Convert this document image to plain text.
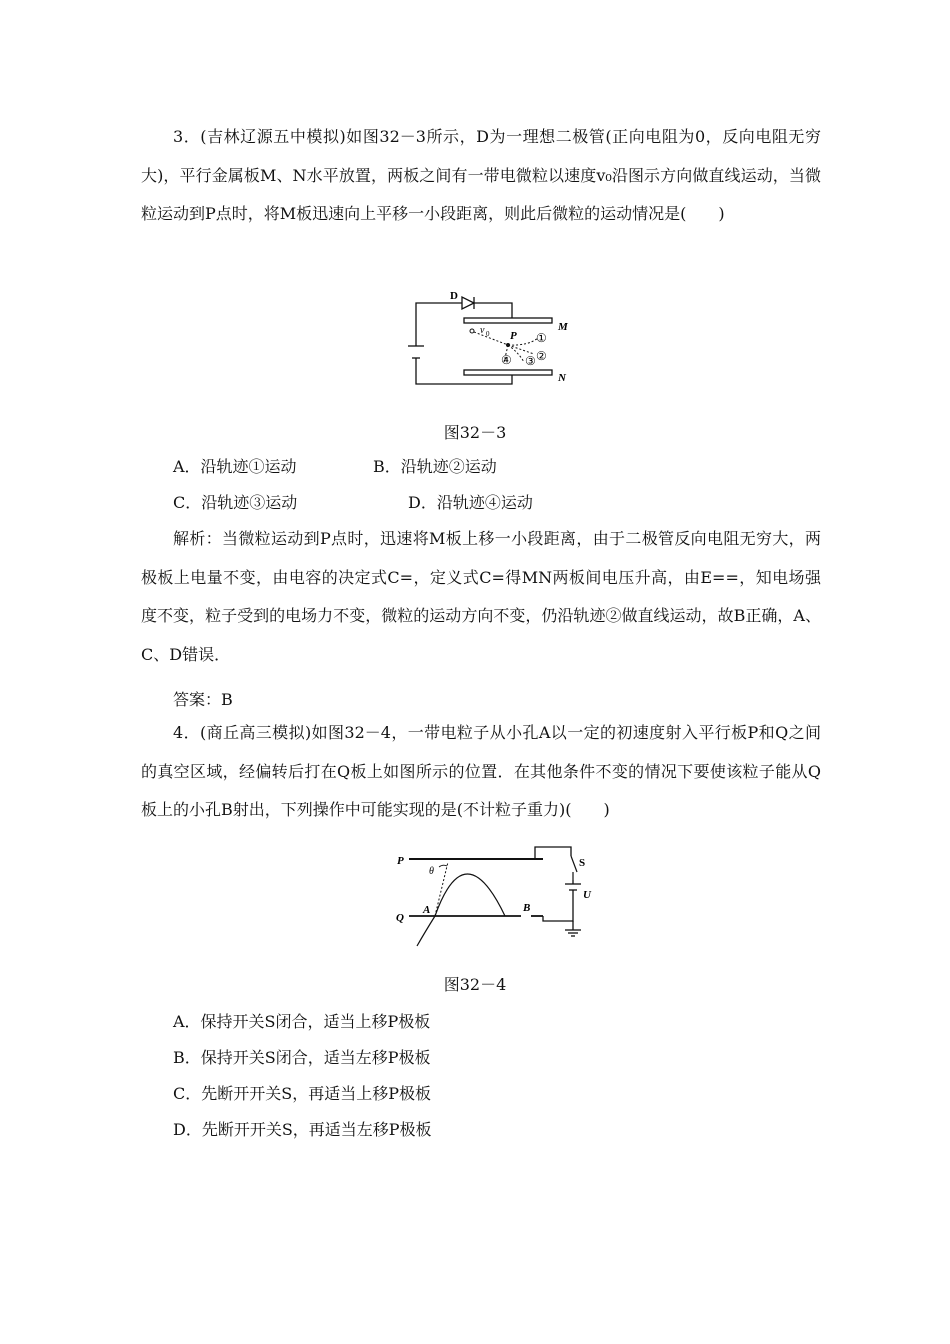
3．(吉林辽源五中模拟)如图32－3所示，D为一理想二极管(正向电阻为0，反向电阻无穷大)，平行金属板M、N水平放置，两板之间有一带电微粒以速度v₀沿图示方向做直线运动，当微粒运动到P点时，将M板迅速向上平移一小段距离，则此后微粒的运动情况是(　　)

D
M
N
v 0 P ①
②
③
④
图32－3
A．沿轨迹①运动	B．沿轨迹②运动
C．沿轨迹③运动	D．沿轨迹④运动

解析：当微粒运动到P点时，迅速将M板上移一小段距离，由于二极管反向电阻无穷大，两极板上电量不变，由电容的决定式C=，定义式C=得MN两板间电压升高，由E==，知电场强度不变，粒子受到的电场力不变，微粒的运动方向不变，仍沿轨迹②做直线运动，故B正确，A、C、D错误．

答案：B

4．(商丘高三模拟)如图32－4，一带电粒子从小孔A以一定的初速度射入平行板P和Q之间的真空区域，经偏转后打在Q板上如图所示的位置．在其他条件不变的情况下要使该粒子能从Q板上的小孔B射出，下列操作中可能实现的是(不计粒子重力)(　　)

P
Q
θ
A	B
S
U
图32－4
A．保持开关S闭合，适当上移P极板
B．保持开关S闭合，适当左移P极板
C．先断开开关S，再适当上移P极板
D．先断开开关S，再适当左移P极板
